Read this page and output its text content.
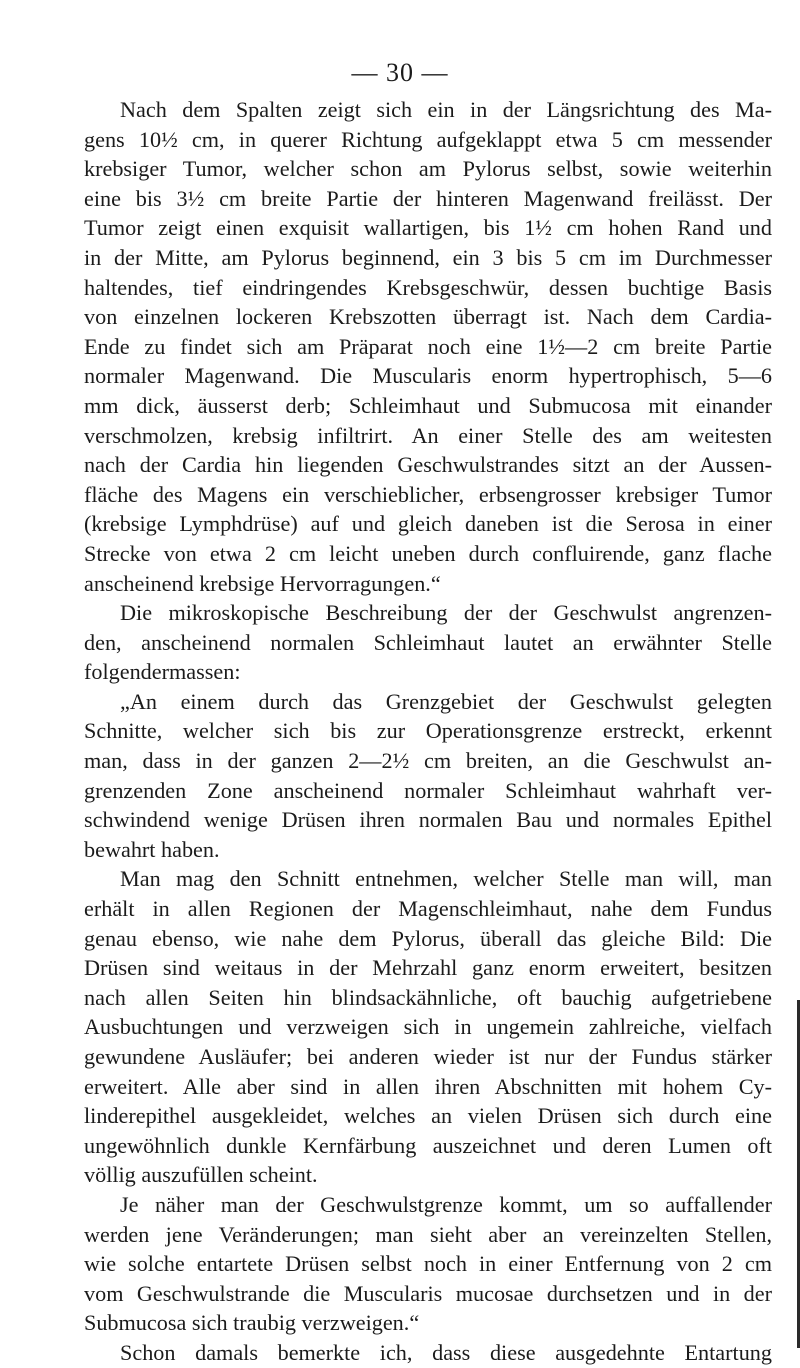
— 30 —
Nach dem Spalten zeigt sich ein in der Längsrichtung des Ma-
gens 10½ cm, in querer Richtung aufgeklappt etwa 5 cm messender
krebsiger Tumor, welcher schon am Pylorus selbst, sowie weiterhin
eine bis 3½ cm breite Partie der hinteren Magenwand freilässt. Der
Tumor zeigt einen exquisit wallartigen, bis 1½ cm hohen Rand und
in der Mitte, am Pylorus beginnend, ein 3 bis 5 cm im Durchmesser
haltendes, tief eindringendes Krebsgeschwür, dessen buchtige Basis
von einzelnen lockeren Krebszotten überragt ist. Nach dem Cardia-
Ende zu findet sich am Präparat noch eine 1½—2 cm breite Partie
normaler Magenwand. Die Muscularis enorm hypertrophisch, 5—6
mm dick, äusserst derb; Schleimhaut und Submucosa mit einander
verschmolzen, krebsig infiltrirt. An einer Stelle des am weitesten
nach der Cardia hin liegenden Geschwulstrandes sitzt an der Aussen-
fläche des Magens ein verschieblicher, erbsengrosser krebsiger Tumor
(krebsige Lymphdrüse) auf und gleich daneben ist die Serosa in einer
Strecke von etwa 2 cm leicht uneben durch confluirende, ganz flache
anscheinend krebsige Hervorragungen.“
Die mikroskopische Beschreibung der der Geschwulst angrenzen-
den, anscheinend normalen Schleimhaut lautet an erwähnter Stelle
folgendermassen:
„An einem durch das Grenzgebiet der Geschwulst gelegten
Schnitte, welcher sich bis zur Operationsgrenze erstreckt, erkennt
man, dass in der ganzen 2—2½ cm breiten, an die Geschwulst an-
grenzenden Zone anscheinend normaler Schleimhaut wahrhaft ver-
schwindend wenige Drüsen ihren normalen Bau und normales Epithel
bewahrt haben.
Man mag den Schnitt entnehmen, welcher Stelle man will, man
erhält in allen Regionen der Magenschleimhaut, nahe dem Fundus
genau ebenso, wie nahe dem Pylorus, überall das gleiche Bild: Die
Drüsen sind weitaus in der Mehrzahl ganz enorm erweitert, besitzen
nach allen Seiten hin blindsackähnliche, oft bauchig aufgetriebene
Ausbuchtungen und verzweigen sich in ungemein zahlreiche, vielfach
gewundene Ausläufer; bei anderen wieder ist nur der Fundus stärker
erweitert. Alle aber sind in allen ihren Abschnitten mit hohem Cy-
linderepithel ausgekleidet, welches an vielen Drüsen sich durch eine
ungewöhnlich dunkle Kernfärbung auszeichnet und deren Lumen oft
völlig auszufüllen scheint.
Je näher man der Geschwulstgrenze kommt, um so auffallender
werden jene Veränderungen; man sieht aber an vereinzelten Stellen,
wie solche entartete Drüsen selbst noch in einer Entfernung von 2 cm
vom Geschwulstrande die Muscularis mucosae durchsetzen und in der
Submucosa sich traubig verzweigen.“
Schon damals bemerkte ich, dass diese ausgedehnte Entartung
